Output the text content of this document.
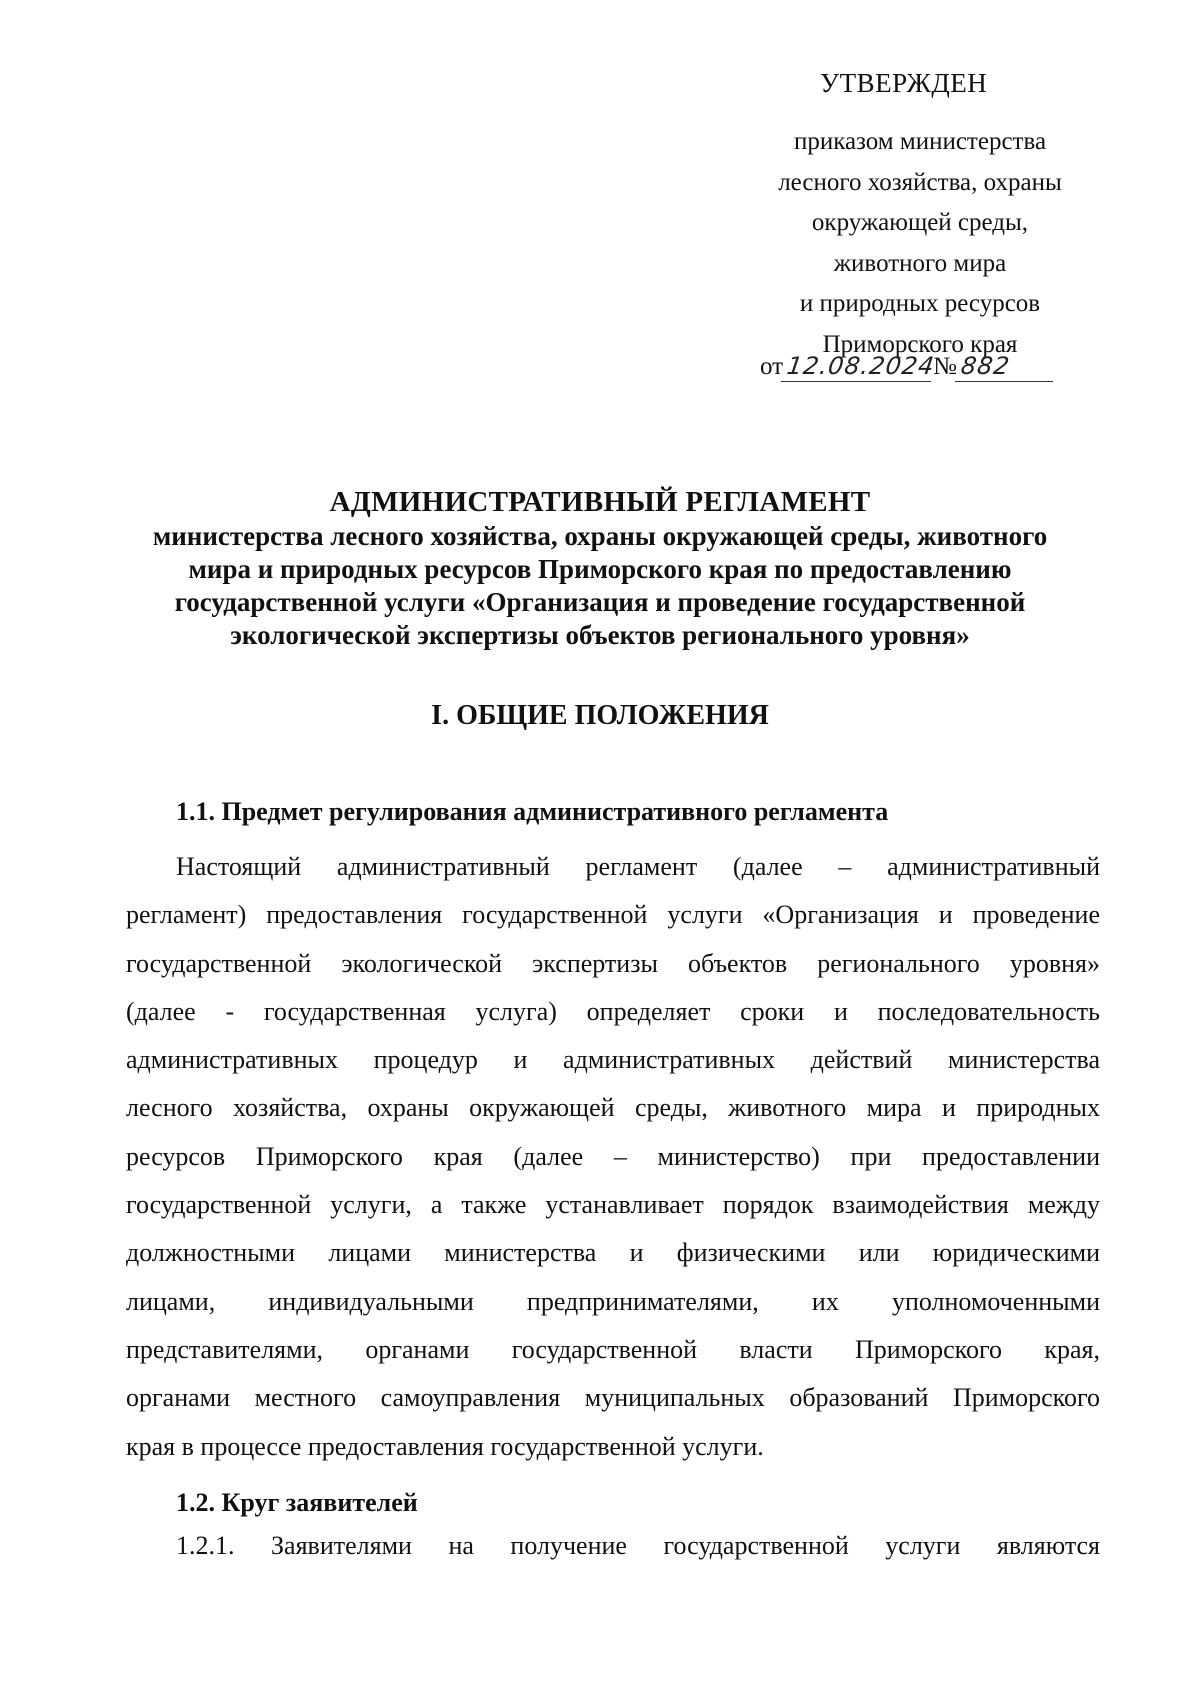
УТВЕРЖДЕН
приказом министерства
лесного хозяйства, охраны
окружающей среды,
животного мира
и природных ресурсов
Приморского края
от 12.08.2024
№ 882
АДМИНИСТРАТИВНЫЙ РЕГЛАМЕНТ
министерства лесного хозяйства, охраны окружающей среды, животного
мира и природных ресурсов Приморского края по предоставлению
государственной услуги «Организация и проведение государственной
экологической экспертизы объектов регионального уровня»
I. ОБЩИЕ ПОЛОЖЕНИЯ
1.1. Предмет регулирования административного регламента
Настоящий административный регламент (далее – административный
регламент) предоставления государственной услуги «Организация и проведение
государственной экологической экспертизы объектов регионального уровня»
(далее - государственная услуга) определяет сроки и последовательность
административных процедур и административных действий министерства
лесного хозяйства, охраны окружающей среды, животного мира и природных
ресурсов Приморского края (далее – министерство) при предоставлении
государственной услуги, а также устанавливает порядок взаимодействия между
должностными лицами министерства и физическими или юридическими
лицами, индивидуальными предпринимателями, их уполномоченными
представителями, органами государственной власти Приморского края,
органами местного самоуправления муниципальных образований Приморского
края в процессе предоставления государственной услуги.
1.2. Круг заявителей
1.2.1. Заявителями на получение государственной услуги являются
